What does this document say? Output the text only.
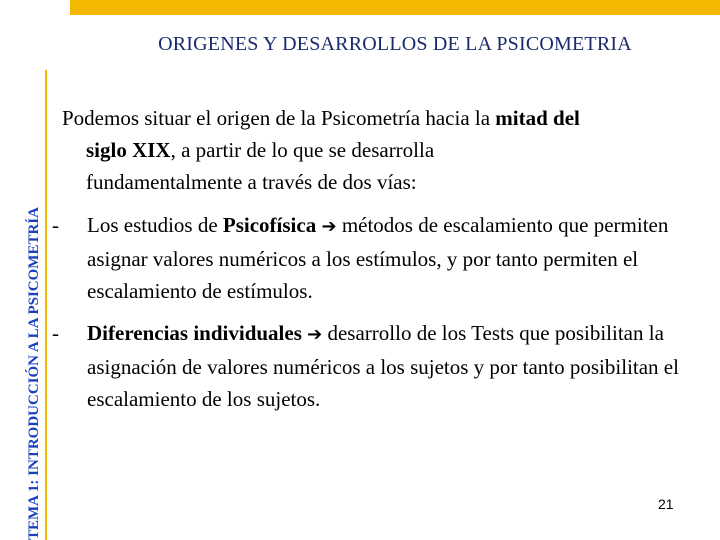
TEMA 1: INTRODUCCIÓN A LA PSICOMETRÍA
ORIGENES Y DESARROLLOS DE LA PSICOMETRIA
Podemos situar el origen de la Psicometría hacia la mitad del
siglo XIX, a partir de lo que se desarrolla
fundamentalmente a través de dos vías:
-	Los estudios de Psicofísica ➔ métodos de escalamiento que permiten asignar valores numéricos a los estímulos, y por tanto permiten el escalamiento de estímulos.
-	Diferencias individuales ➔ desarrollo de los Tests que posibilitan la asignación de valores numéricos a los sujetos y por tanto posibilitan el escalamiento de los sujetos.
21
